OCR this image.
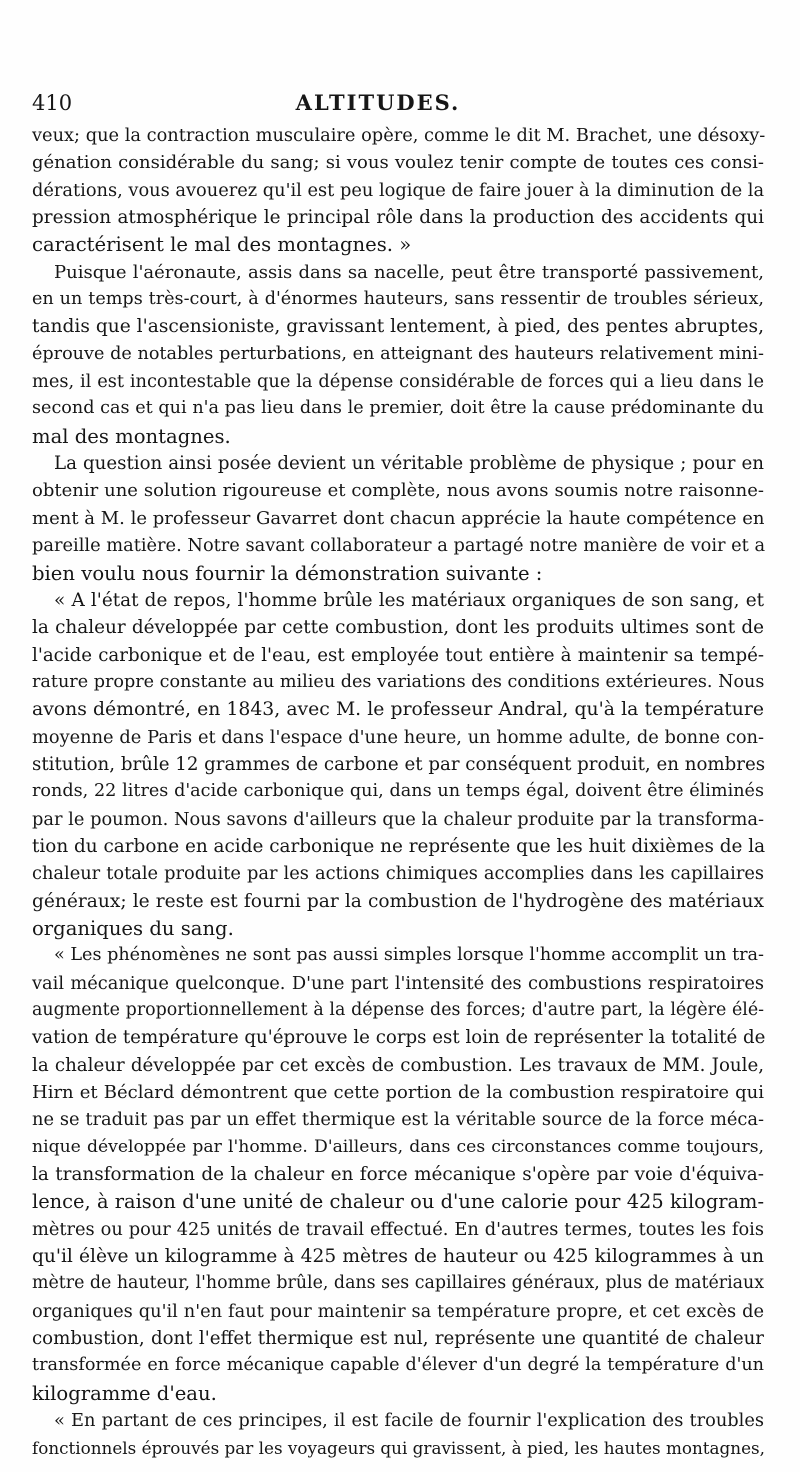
410	ALTITUDES.
veux; que la contraction musculaire opère, comme le dit M. Brachet, une désoxy-
génation considérable du sang; si vous voulez tenir compte de toutes ces consi-
dérations, vous avouerez qu'il est peu logique de faire jouer à la diminution de la
pression atmosphérique le principal rôle dans la production des accidents qui
caractérisent le mal des montagnes. »
Puisque l'aéronaute, assis dans sa nacelle, peut être transporté passivement,
en un temps très-court, à d'énormes hauteurs, sans ressentir de troubles sérieux,
tandis que l'ascensioniste, gravissant lentement, à pied, des pentes abruptes,
éprouve de notables perturbations, en atteignant des hauteurs relativement mini-
mes, il est incontestable que la dépense considérable de forces qui a lieu dans le
second cas et qui n'a pas lieu dans le premier, doit être la cause prédominante du
mal des montagnes.
La question ainsi posée devient un véritable problème de physique ; pour en
obtenir une solution rigoureuse et complète, nous avons soumis notre raisonne-
ment à M. le professeur Gavarret dont chacun apprécie la haute compétence en
pareille matière. Notre savant collaborateur a partagé notre manière de voir et a
bien voulu nous fournir la démonstration suivante :
« A l'état de repos, l'homme brûle les matériaux organiques de son sang, et
la chaleur développée par cette combustion, dont les produits ultimes sont de
l'acide carbonique et de l'eau, est employée tout entière à maintenir sa tempé-
rature propre constante au milieu des variations des conditions extérieures. Nous
avons démontré, en 1843, avec M. le professeur Andral, qu'à la température
moyenne de Paris et dans l'espace d'une heure, un homme adulte, de bonne con-
stitution, brûle 12 grammes de carbone et par conséquent produit, en nombres
ronds, 22 litres d'acide carbonique qui, dans un temps égal, doivent être éliminés
par le poumon. Nous savons d'ailleurs que la chaleur produite par la transforma-
tion du carbone en acide carbonique ne représente que les huit dixièmes de la
chaleur totale produite par les actions chimiques accomplies dans les capillaires
généraux; le reste est fourni par la combustion de l'hydrogène des matériaux
organiques du sang.
« Les phénomènes ne sont pas aussi simples lorsque l'homme accomplit un tra-
vail mécanique quelconque. D'une part l'intensité des combustions respiratoires
augmente proportionnellement à la dépense des forces; d'autre part, la légère élé-
vation de température qu'éprouve le corps est loin de représenter la totalité de
la chaleur développée par cet excès de combustion. Les travaux de MM. Joule,
Hirn et Béclard démontrent que cette portion de la combustion respiratoire qui
ne se traduit pas par un effet thermique est la véritable source de la force méca-
nique développée par l'homme. D'ailleurs, dans ces circonstances comme toujours,
la transformation de la chaleur en force mécanique s'opère par voie d'équiva-
lence, à raison d'une unité de chaleur ou d'une calorie pour 425 kilogram-
mètres ou pour 425 unités de travail effectué. En d'autres termes, toutes les fois
qu'il élève un kilogramme à 425 mètres de hauteur ou 425 kilogrammes à un
mètre de hauteur, l'homme brûle, dans ses capillaires généraux, plus de matériaux
organiques qu'il n'en faut pour maintenir sa température propre, et cet excès de
combustion, dont l'effet thermique est nul, représente une quantité de chaleur
transformée en force mécanique capable d'élever d'un degré la température d'un
kilogramme d'eau.
« En partant de ces principes, il est facile de fournir l'explication des troubles
fonctionnels éprouvés par les voyageurs qui gravissent, à pied, les hautes montagnes,
